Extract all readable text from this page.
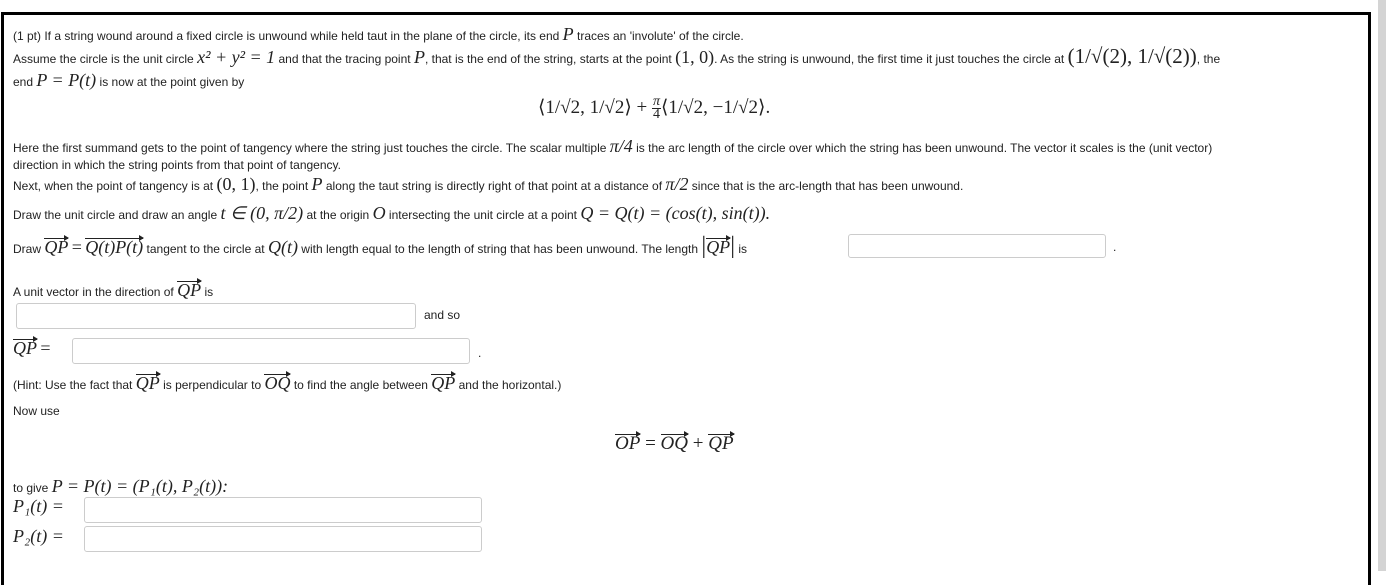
(1 pt) If a string wound around a fixed circle is unwound while held taut in the plane of the circle, its end P traces an 'involute' of the circle.
Assume the circle is the unit circle x² + y² = 1 and that the tracing point P, that is the end of the string, starts at the point (1, 0). As the string is unwound, the first time it just touches the circle at (1/√(2), 1/√(2)), the
end P = P(t) is now at the point given by
⟨1/√2, 1/√2⟩ + $\frac{\pi}{4}$ ⟨1/√2, −1/√2⟩.
Here the first summand gets to the point of tangency where the string just touches the circle. The scalar multiple π/4 is the arc length of the circle over which the string has been unwound. The vector it scales is the (unit vector)
direction in which the string points from that point of tangency.
Next, when the point of tangency is at (0, 1), the point P along the taut string is directly right of that point at a distance of π/2 since that is the arc-length that has been unwound.
Draw the unit circle and draw an angle t ∈ (0, π/2) at the origin O intersecting the unit circle at a point Q = Q(t) = (cos(t), sin(t)).
Draw QP = Q(t)P(t) tangent to the circle at Q(t) with length equal to the length of string that has been unwound. The length |QP| is	.
A unit vector in the direction of QP is
and so
QP =	.
(Hint: Use the fact that QP is perpendicular to OQ to find the angle between QP and the horizontal.)
Now use
OP = OQ + QP
to give P = P(t) = (P₁(t), P₂(t)):
P₁(t) =
P₂(t) =
